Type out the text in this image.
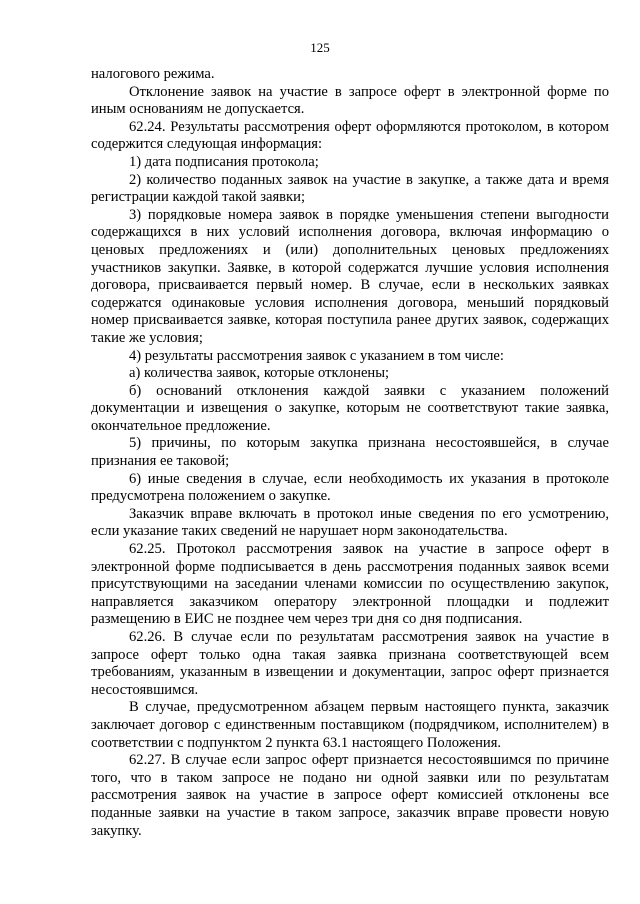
125

налогового режима.

Отклонение заявок на участие в запросе оферт в электронной форме по иным основаниям не допускается.

62.24. Результаты рассмотрения оферт оформляются протоколом, в котором содержится следующая информация:

1) дата подписания протокола;

2) количество поданных заявок на участие в закупке, а также дата и время регистрации каждой такой заявки;

3) порядковые номера заявок в порядке уменьшения степени выгодности содержащихся в них условий исполнения договора, включая информацию о ценовых предложениях и (или) дополнительных ценовых предложениях участников закупки. Заявке, в которой содержатся лучшие условия исполнения договора, присваивается первый номер. В случае, если в нескольких заявках содержатся одинаковые условия исполнения договора, меньший порядковый номер присваивается заявке, которая поступила ранее других заявок, содержащих такие же условия;

4) результаты рассмотрения заявок с указанием в том числе:

а) количества заявок, которые отклонены;

б) оснований отклонения каждой заявки с указанием положений документации и извещения о закупке, которым не соответствуют такие заявка, окончательное предложение.

5) причины, по которым закупка признана несостоявшейся, в случае признания ее таковой;

6) иные сведения в случае, если необходимость их указания в протоколе предусмотрена положением о закупке.

Заказчик вправе включать в протокол иные сведения по его усмотрению, если указание таких сведений не нарушает норм законодательства.

62.25. Протокол рассмотрения заявок на участие в запросе оферт в электронной форме подписывается в день рассмотрения поданных заявок всеми присутствующими на заседании членами комиссии по осуществлению закупок, направляется заказчиком оператору электронной площадки и подлежит размещению в ЕИС не позднее чем через три дня со дня подписания.

62.26. В случае если по результатам рассмотрения заявок на участие в запросе оферт только одна такая заявка признана соответствующей всем требованиям, указанным в извещении и документации, запрос оферт признается несостоявшимся.

В случае, предусмотренном абзацем первым настоящего пункта, заказчик заключает договор с единственным поставщиком (подрядчиком, исполнителем) в соответствии с подпунктом 2 пункта 63.1 настоящего Положения.

62.27. В случае если запрос оферт признается несостоявшимся по причине того, что в таком запросе не подано ни одной заявки или по результатам рассмотрения заявок на участие в запросе оферт комиссией отклонены все поданные заявки на участие в таком запросе, заказчик вправе провести новую закупку.
